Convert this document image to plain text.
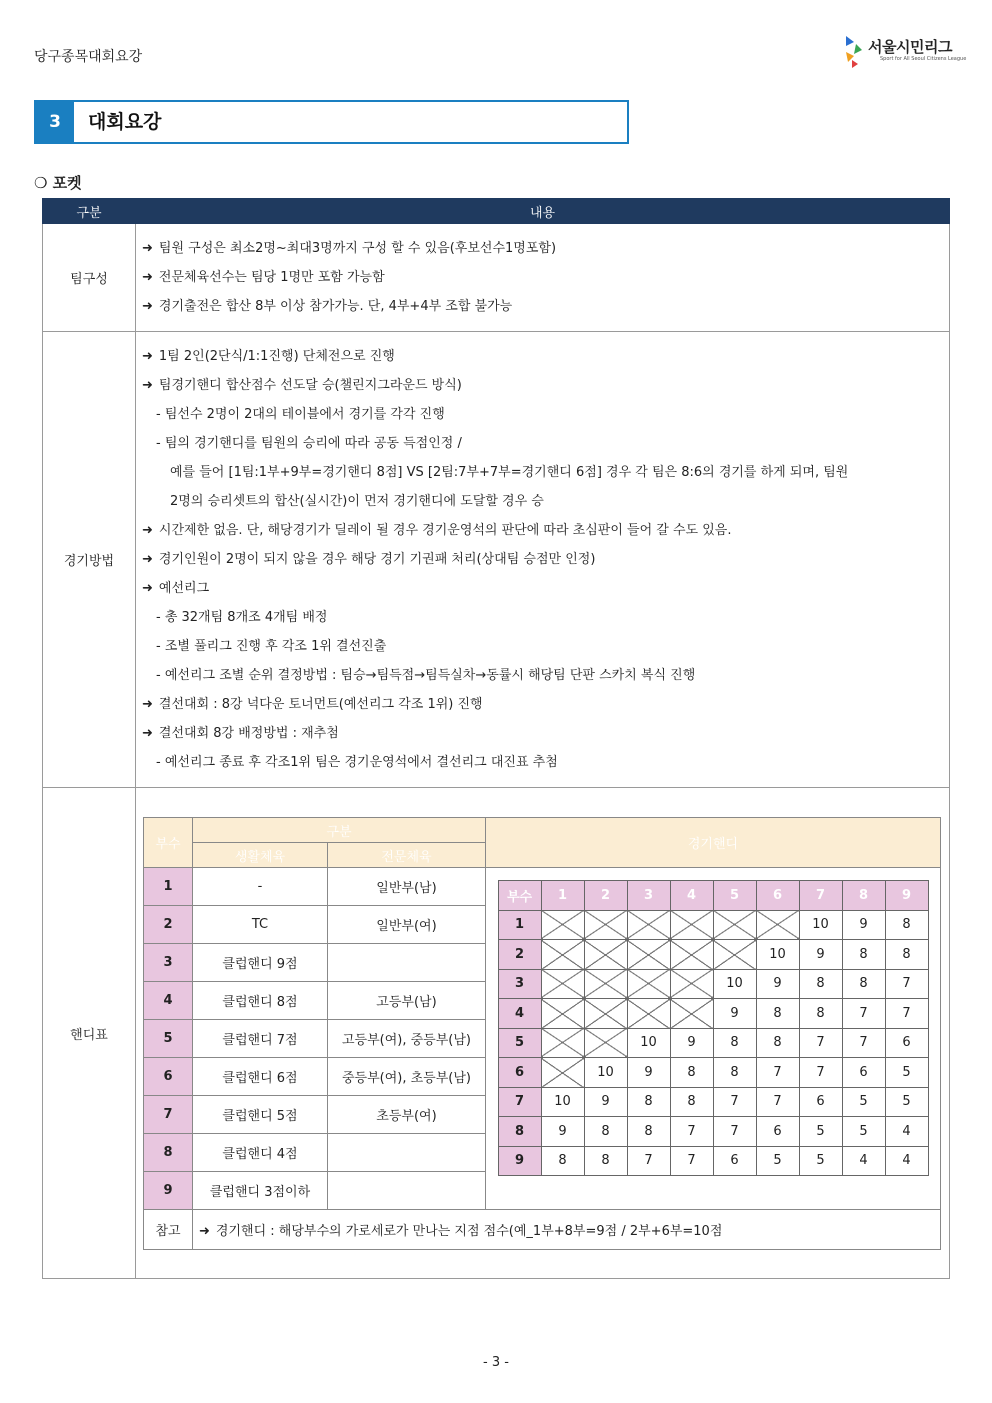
당구종목대회요강
서울시민리그
Sport for All Seoul Citizens League
3	대회요강
❍ 포켓
구분	내용
팀구성	
➜ 팀원 구성은 최소2명~최대3명까지 구성 할 수 있음(후보선수1명포함)
➜ 전문체육선수는 팀당 1명만 포함 가능함
➜ 경기출전은 합산 8부 이상 참가가능. 단, 4부+4부 조합 불가능

경기방법	
➜ 1팀 2인(2단식/1:1진행) 단체전으로 진행
➜ 팀경기핸디 합산점수 선도달 승(챌린지그라운드 방식)
- 팀선수 2명이 2대의 테이블에서 경기를 각각 진행
- 팀의 경기핸디를 팀원의 승리에 따라 공동 득점인정 /
예를 들어 [1팀:1부+9부=경기핸디 8점] VS [2팀:7부+7부=경기핸디 6점] 경우 각 팀은 8:6의 경기를 하게 되며, 팀원
2명의 승리셋트의 합산(실시간)이 먼저 경기핸디에 도달할 경우 승
➜ 시간제한 없음. 단, 해당경기가 딜레이 될 경우 경기운영석의 판단에 따라 초심판이 들어 갈 수도 있음.
➜ 경기인원이 2명이 되지 않을 경우 해당 경기 기권패 처리(상대팀 승점만 인정)
➜ 예선리그
- 총 32개팀 8개조 4개팀 배정
- 조별 풀리그 진행 후 각조 1위 결선진출
- 예선리그 조별 순위 결정방법 : 팀승→팀득점→팀득실차→동률시 해당팀 단판 스카치 복식 진행
➜ 결선대회 : 8강 넉다운 토너먼트(예선리그 각조 1위) 진행
➜ 결선대회 8강 배정방법 : 재추첨
- 예선리그 종료 후 각조1위 팀은 경기운영석에서 결선리그 대진표 추첨

핸디표	
부수	구분	경기핸디
생활체육	전문체육
1	-	일반부(남)	
부수	1	2	3	4	5	6	7	8	9
1							10	9	8
2						10	9	8	8
3					10	9	8	8	7
4					9	8	8	7	7
5			10	9	8	8	7	7	6
6		10	9	8	8	7	7	6	5
7	10	9	8	8	7	7	6	5	5
8	9	8	8	7	7	6	5	5	4
9	8	8	7	7	6	5	5	4	4

2	TC	일반부(여)
3	클럽핸디 9점	
4	클럽핸디 8점	고등부(남)
5	클럽핸디 7점	고등부(여), 중등부(남)
6	클럽핸디 6점	중등부(여), 초등부(남)
7	클럽핸디 5점	초등부(여)
8	클럽핸디 4점	
9	클럽핸디 3점이하	
참고	➜ 경기핸디 : 해당부수의 가로세로가 만나는 지점 점수(예_1부+8부=9점 / 2부+6부=10점
- 3 -
